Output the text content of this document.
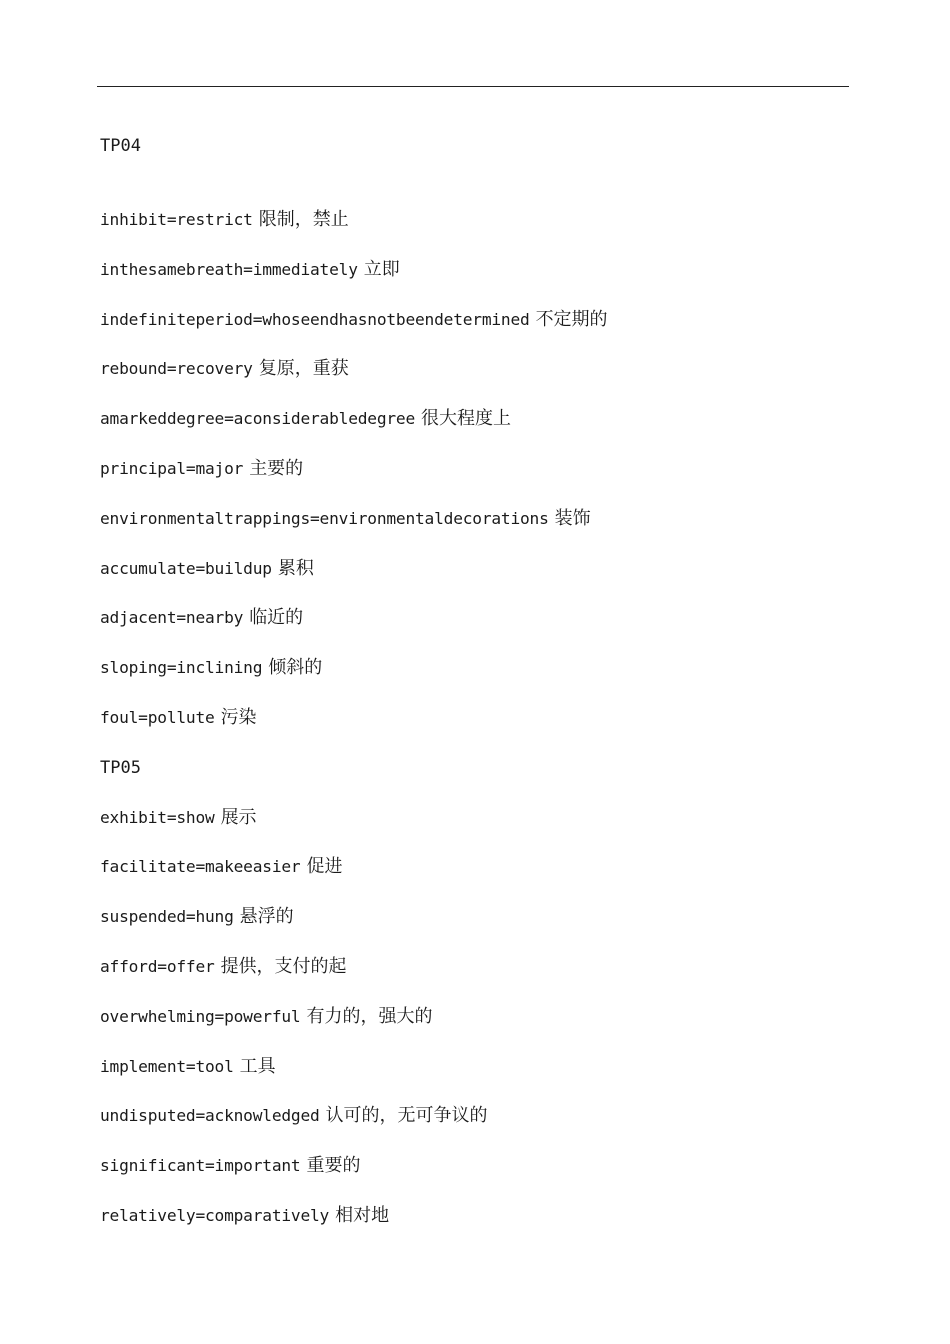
TP04
inhibit=restrict 限制，禁止
inthesamebreath=immediately 立即
indefiniteperiod=whoseendhasnotbeendetermined 不定期的
rebound=recovery 复原，重获
amarkeddegree=aconsiderabledegree 很大程度上
principal=major 主要的
environmentaltrappings=environmentaldecorations 装饰
accumulate=buildup 累积
adjacent=nearby 临近的
sloping=inclining 倾斜的
foul=pollute 污染
TP05
exhibit=show 展示
facilitate=makeeasier 促进
suspended=hung 悬浮的
afford=offer 提供，支付的起
overwhelming=powerful 有力的，强大的
implement=tool 工具
undisputed=acknowledged 认可的，无可争议的
significant=important 重要的
relatively=comparatively 相对地
